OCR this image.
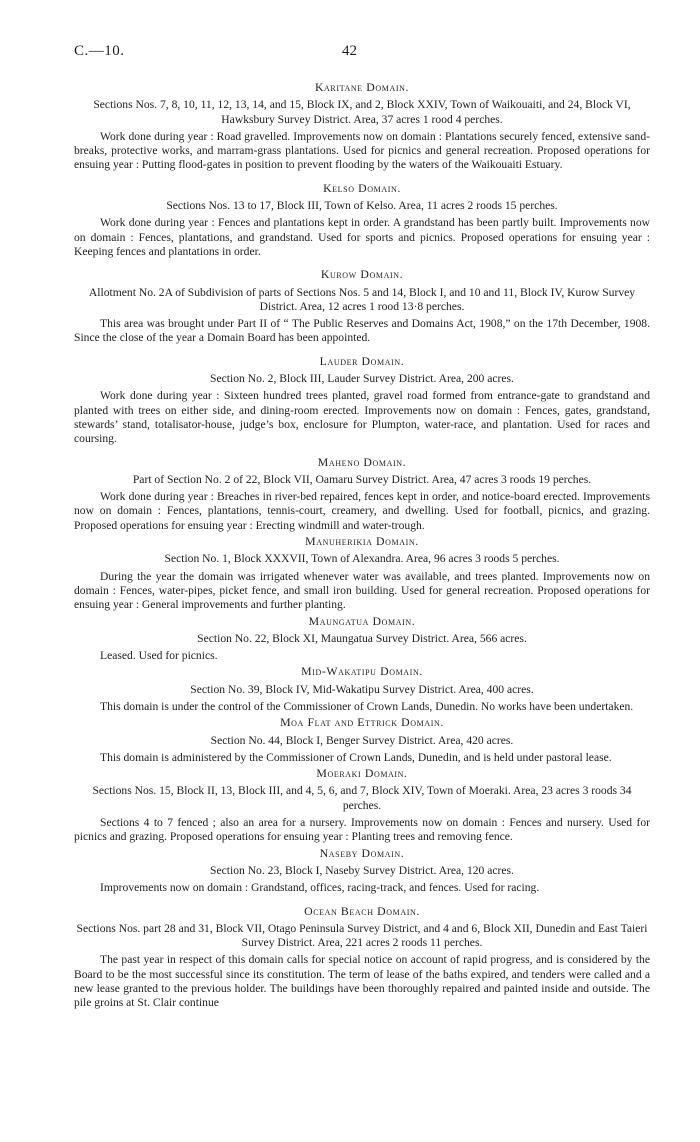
C.—10.	42
Karitane Domain.
Sections Nos. 7, 8, 10, 11, 12, 13, 14, and 15, Block IX, and 2, Block XXIV, Town of Waikouaiti, and 24, Block VI, Hawksbury Survey District. Area, 37 acres 1 rood 4 perches.

Work done during year : Road gravelled. Improvements now on domain : Plantations securely fenced, extensive sand-breaks, protective works, and marram-grass plantations. Used for picnics and general recreation. Proposed operations for ensuing year : Putting flood-gates in position to prevent flooding by the waters of the Waikouaiti Estuary.

Kelso Domain.
Sections Nos. 13 to 17, Block III, Town of Kelso. Area, 11 acres 2 roods 15 perches.

Work done during year : Fences and plantations kept in order. A grandstand has been partly built. Improvements now on domain : Fences, plantations, and grandstand. Used for sports and picnics. Proposed operations for ensuing year : Keeping fences and plantations in order.

Kurow Domain.
Allotment No. 2A of Subdivision of parts of Sections Nos. 5 and 14, Block I, and 10 and 11, Block IV, Kurow Survey District. Area, 12 acres 1 rood 13·8 perches.

This area was brought under Part II of “ The Public Reserves and Domains Act, 1908,” on the 17th December, 1908. Since the close of the year a Domain Board has been appointed.

Lauder Domain.
Section No. 2, Block III, Lauder Survey District. Area, 200 acres.

Work done during year : Sixteen hundred trees planted, gravel road formed from entrance-gate to grandstand and planted with trees on either side, and dining-room erected. Improvements now on domain : Fences, gates, grandstand, stewards’ stand, totalisator-house, judge’s box, enclosure for Plumpton, water-race, and plantation. Used for races and coursing.

Maheno Domain.
Part of Section No. 2 of 22, Block VII, Oamaru Survey District. Area, 47 acres 3 roods 19 perches.

Work done during year : Breaches in river-bed repaired, fences kept in order, and notice-board erected. Improvements now on domain : Fences, plantations, tennis-court, creamery, and dwelling. Used for football, picnics, and grazing. Proposed operations for ensuing year : Erecting windmill and water-trough.

Manuherikia Domain.
Section No. 1, Block XXXVII, Town of Alexandra. Area, 96 acres 3 roods 5 perches.

During the year the domain was irrigated whenever water was available, and trees planted. Improvements now on domain : Fences, water-pipes, picket fence, and small iron building. Used for general recreation. Proposed operations for ensuing year : General improvements and further planting.

Maungatua Domain.
Section No. 22, Block XI, Maungatua Survey District. Area, 566 acres.

Leased. Used for picnics.

Mid-Wakatipu Domain.
Section No. 39, Block IV, Mid-Wakatipu Survey District. Area, 400 acres.

This domain is under the control of the Commissioner of Crown Lands, Dunedin. No works have been undertaken.

Moa Flat and Ettrick Domain.
Section No. 44, Block I, Benger Survey District. Area, 420 acres.

This domain is administered by the Commissioner of Crown Lands, Dunedin, and is held under pastoral lease.

Moeraki Domain.
Sections Nos. 15, Block II, 13, Block III, and 4, 5, 6, and 7, Block XIV, Town of Moeraki. Area, 23 acres 3 roods 34 perches.

Sections 4 to 7 fenced ; also an area for a nursery. Improvements now on domain : Fences and nursery. Used for picnics and grazing. Proposed operations for ensuing year : Planting trees and removing fence.

Naseby Domain.
Section No. 23, Block I, Naseby Survey District. Area, 120 acres.

Improvements now on domain : Grandstand, offices, racing-track, and fences. Used for racing.

Ocean Beach Domain.
Sections Nos. part 28 and 31, Block VII, Otago Peninsula Survey District, and 4 and 6, Block XII, Dunedin and East Taieri Survey District. Area, 221 acres 2 roods 11 perches.

The past year in respect of this domain calls for special notice on account of rapid progress, and is considered by the Board to be the most successful since its constitution. The term of lease of the baths expired, and tenders were called and a new lease granted to the previous holder. The buildings have been thoroughly repaired and painted inside and outside. The pile groins at St. Clair continue
